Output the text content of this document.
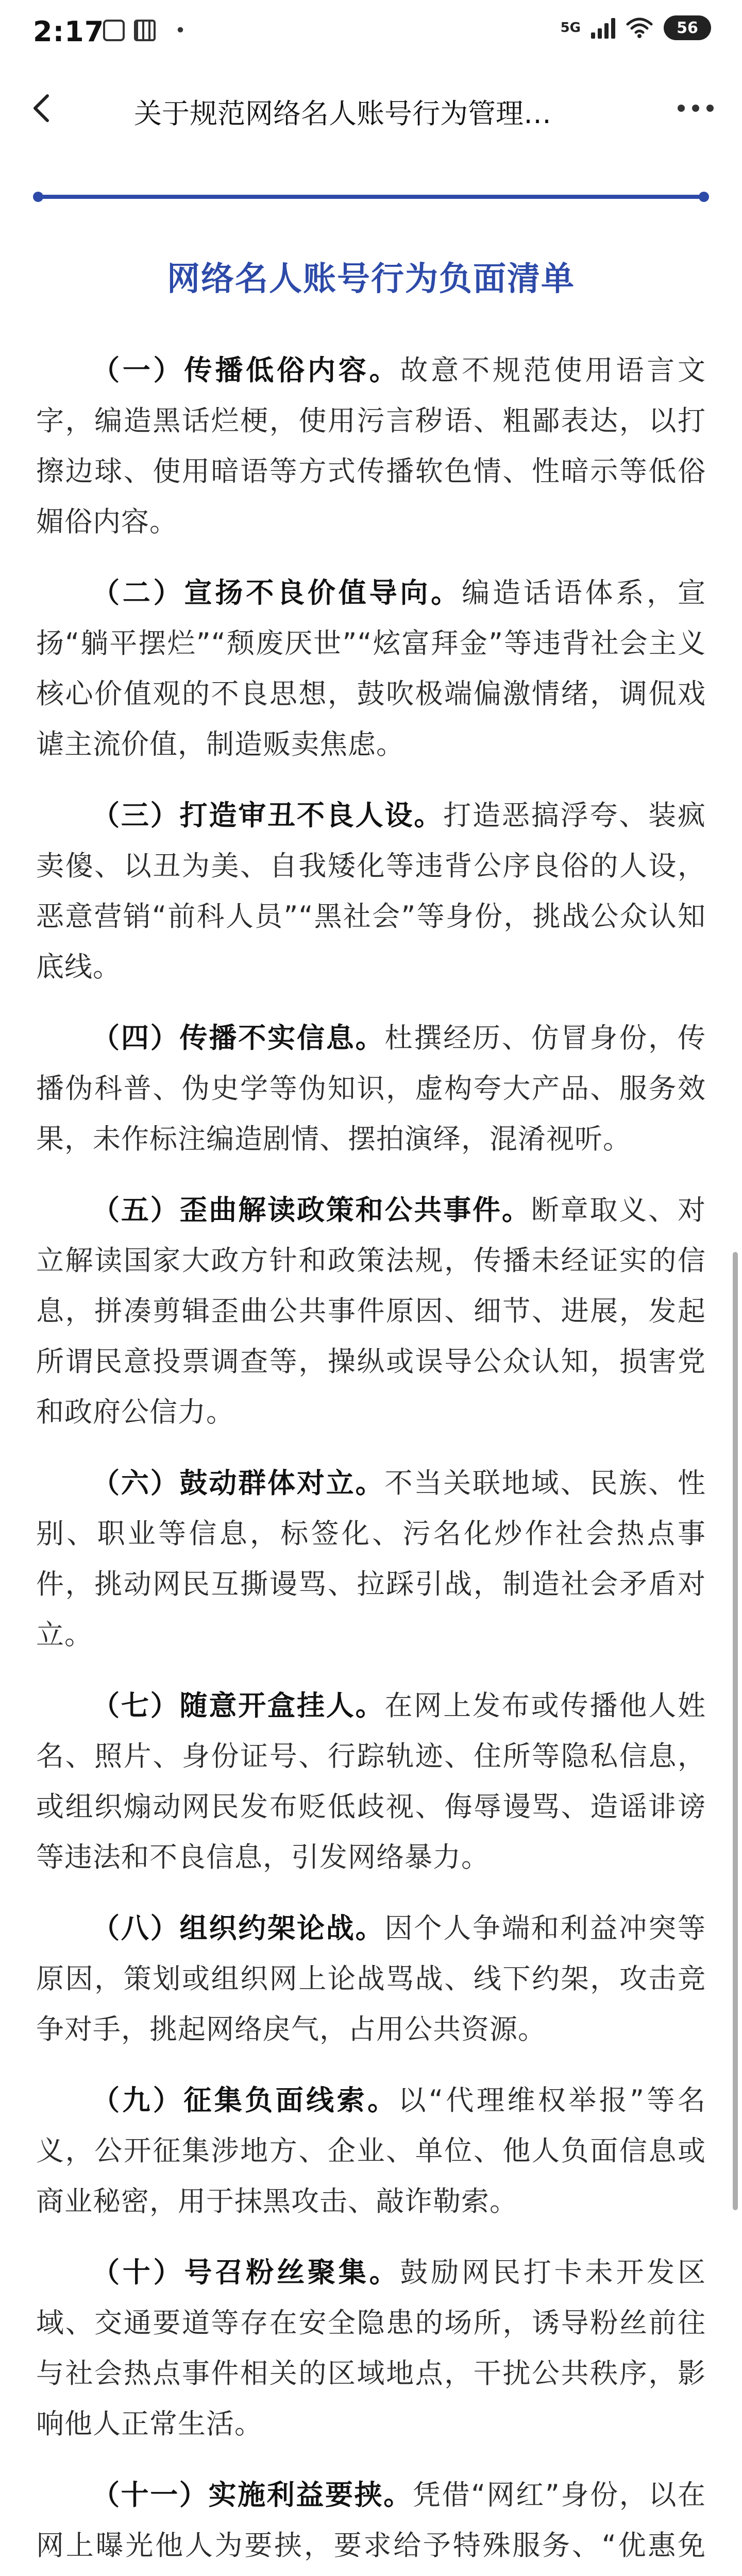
2:17	•	5G	56
关于规范网络名人账号行为管理…
网络名人账号行为负面清单

（一）传播低俗内容。故意不规范使用语言文字，编造黑话烂梗，使用污言秽语、粗鄙表达，以打擦边球、使用暗语等方式传播软色情、性暗示等低俗媚俗内容。

（二）宣扬不良价值导向。编造话语体系，宣扬“躺平摆烂”“颓废厌世”“炫富拜金”等违背社会主义核心价值观的不良思想，鼓吹极端偏激情绪，调侃戏谑主流价值，制造贩卖焦虑。

（三）打造审丑不良人设。打造恶搞浮夸、装疯卖傻、以丑为美、自我矮化等违背公序良俗的人设，恶意营销“前科人员”“黑社会”等身份，挑战公众认知底线。

（四）传播不实信息。杜撰经历、仿冒身份，传播伪科普、伪史学等伪知识，虚构夸大产品、服务效果，未作标注编造剧情、摆拍演绎，混淆视听。

（五）歪曲解读政策和公共事件。断章取义、对立解读国家大政方针和政策法规，传播未经证实的信息，拼凑剪辑歪曲公共事件原因、细节、进展，发起所谓民意投票调查等，操纵或误导公众认知，损害党和政府公信力。

（六）鼓动群体对立。不当关联地域、民族、性别、职业等信息，标签化、污名化炒作社会热点事件，挑动网民互撕谩骂、拉踩引战，制造社会矛盾对立。

（七）随意开盒挂人。在网上发布或传播他人姓名、照片、身份证号、行踪轨迹、住所等隐私信息，或组织煽动网民发布贬低歧视、侮辱谩骂、造谣诽谤等违法和不良信息，引发网络暴力。

（八）组织约架论战。因个人争端和利益冲突等原因，策划或组织网上论战骂战、线下约架，攻击竞争对手，挑起网络戾气，占用公共资源。

（九）征集负面线索。以“代理维权举报”等名义，公开征集涉地方、企业、单位、他人负面信息或商业秘密，用于抹黑攻击、敲诈勒索。

（十）号召粉丝聚集。鼓励网民打卡未开发区域、交通要道等存在安全隐患的场所，诱导粉丝前往与社会热点事件相关的区域地点，干扰公共秩序，影响他人正常生活。

（十一）实施利益要挟。凭借“网红”身份，以在网上曝光他人为要挟，要求给予特殊服务、“优惠免
